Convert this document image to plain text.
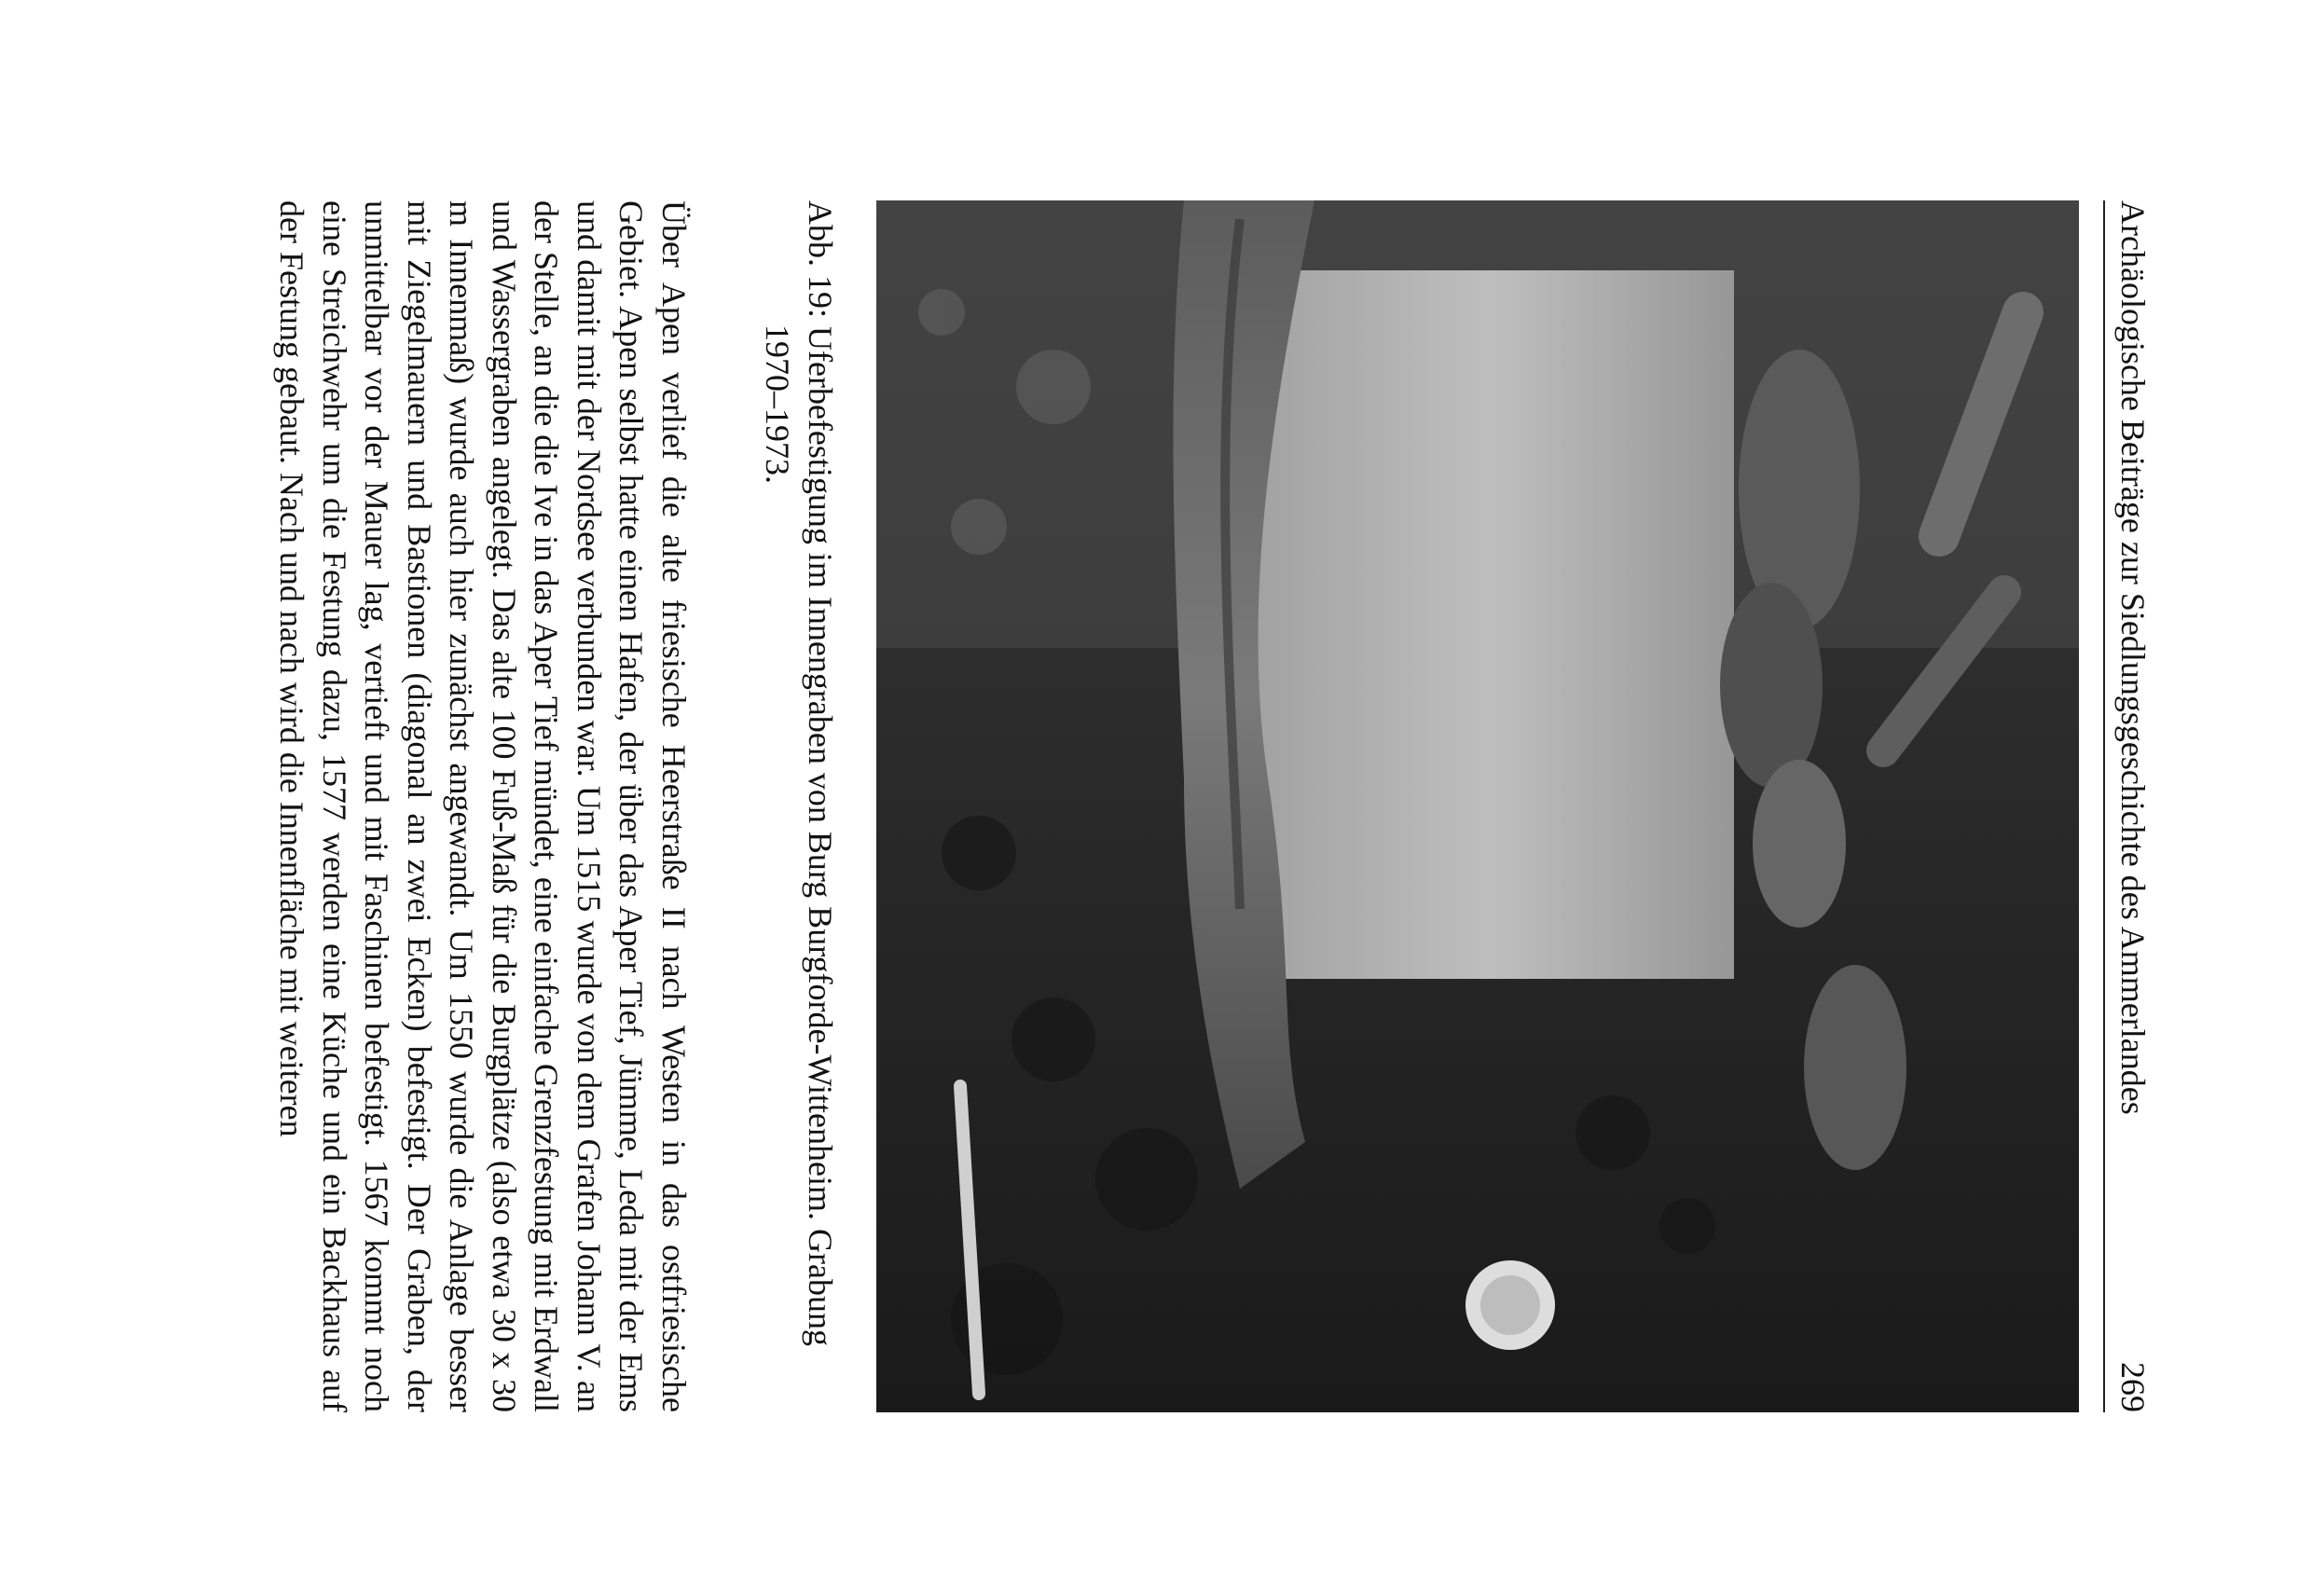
Archäologische Beiträge zur Siedlungsgeschichte des Ammerlandes
269
Abb. 19: Uferbefestigung im Innengraben von Burg Burgforde-Wittenheim. Grabung
1970–1973.
Über Apen verlief die alte friesische Heerstraße II nach Westen in das ostfriesische Gebiet. Apen selbst hatte einen Hafen, der über das Aper Tief, Jümme, Leda mit der Ems und damit mit der Nordsee verbunden war. Um 1515 wurde von dem Grafen Johann V. an der Stelle, an die die Ive in das Aper Tief mündet, eine einfache Grenzfestung mit Erdwall und Wassergraben angelegt. Das alte 100 Fuß-Maß für die Burgplätze (also etwa 30 x 30 m Innenmaß) wurde auch hier zunächst angewandt. Um 1550 wurde die Anlage besser mit Ziegelmauern und Bastionen (diagonal an zwei Ecken) befestigt. Der Graben, der unmittelbar vor der Mauer lag, vertieft und mit Faschinen befestigt. 1567 kommt noch eine Streichwehr um die Festung dazu, 1577 werden eine Küche und ein Backhaus auf der Festung gebaut. Nach und nach wird die Innenfläche mit weiteren
